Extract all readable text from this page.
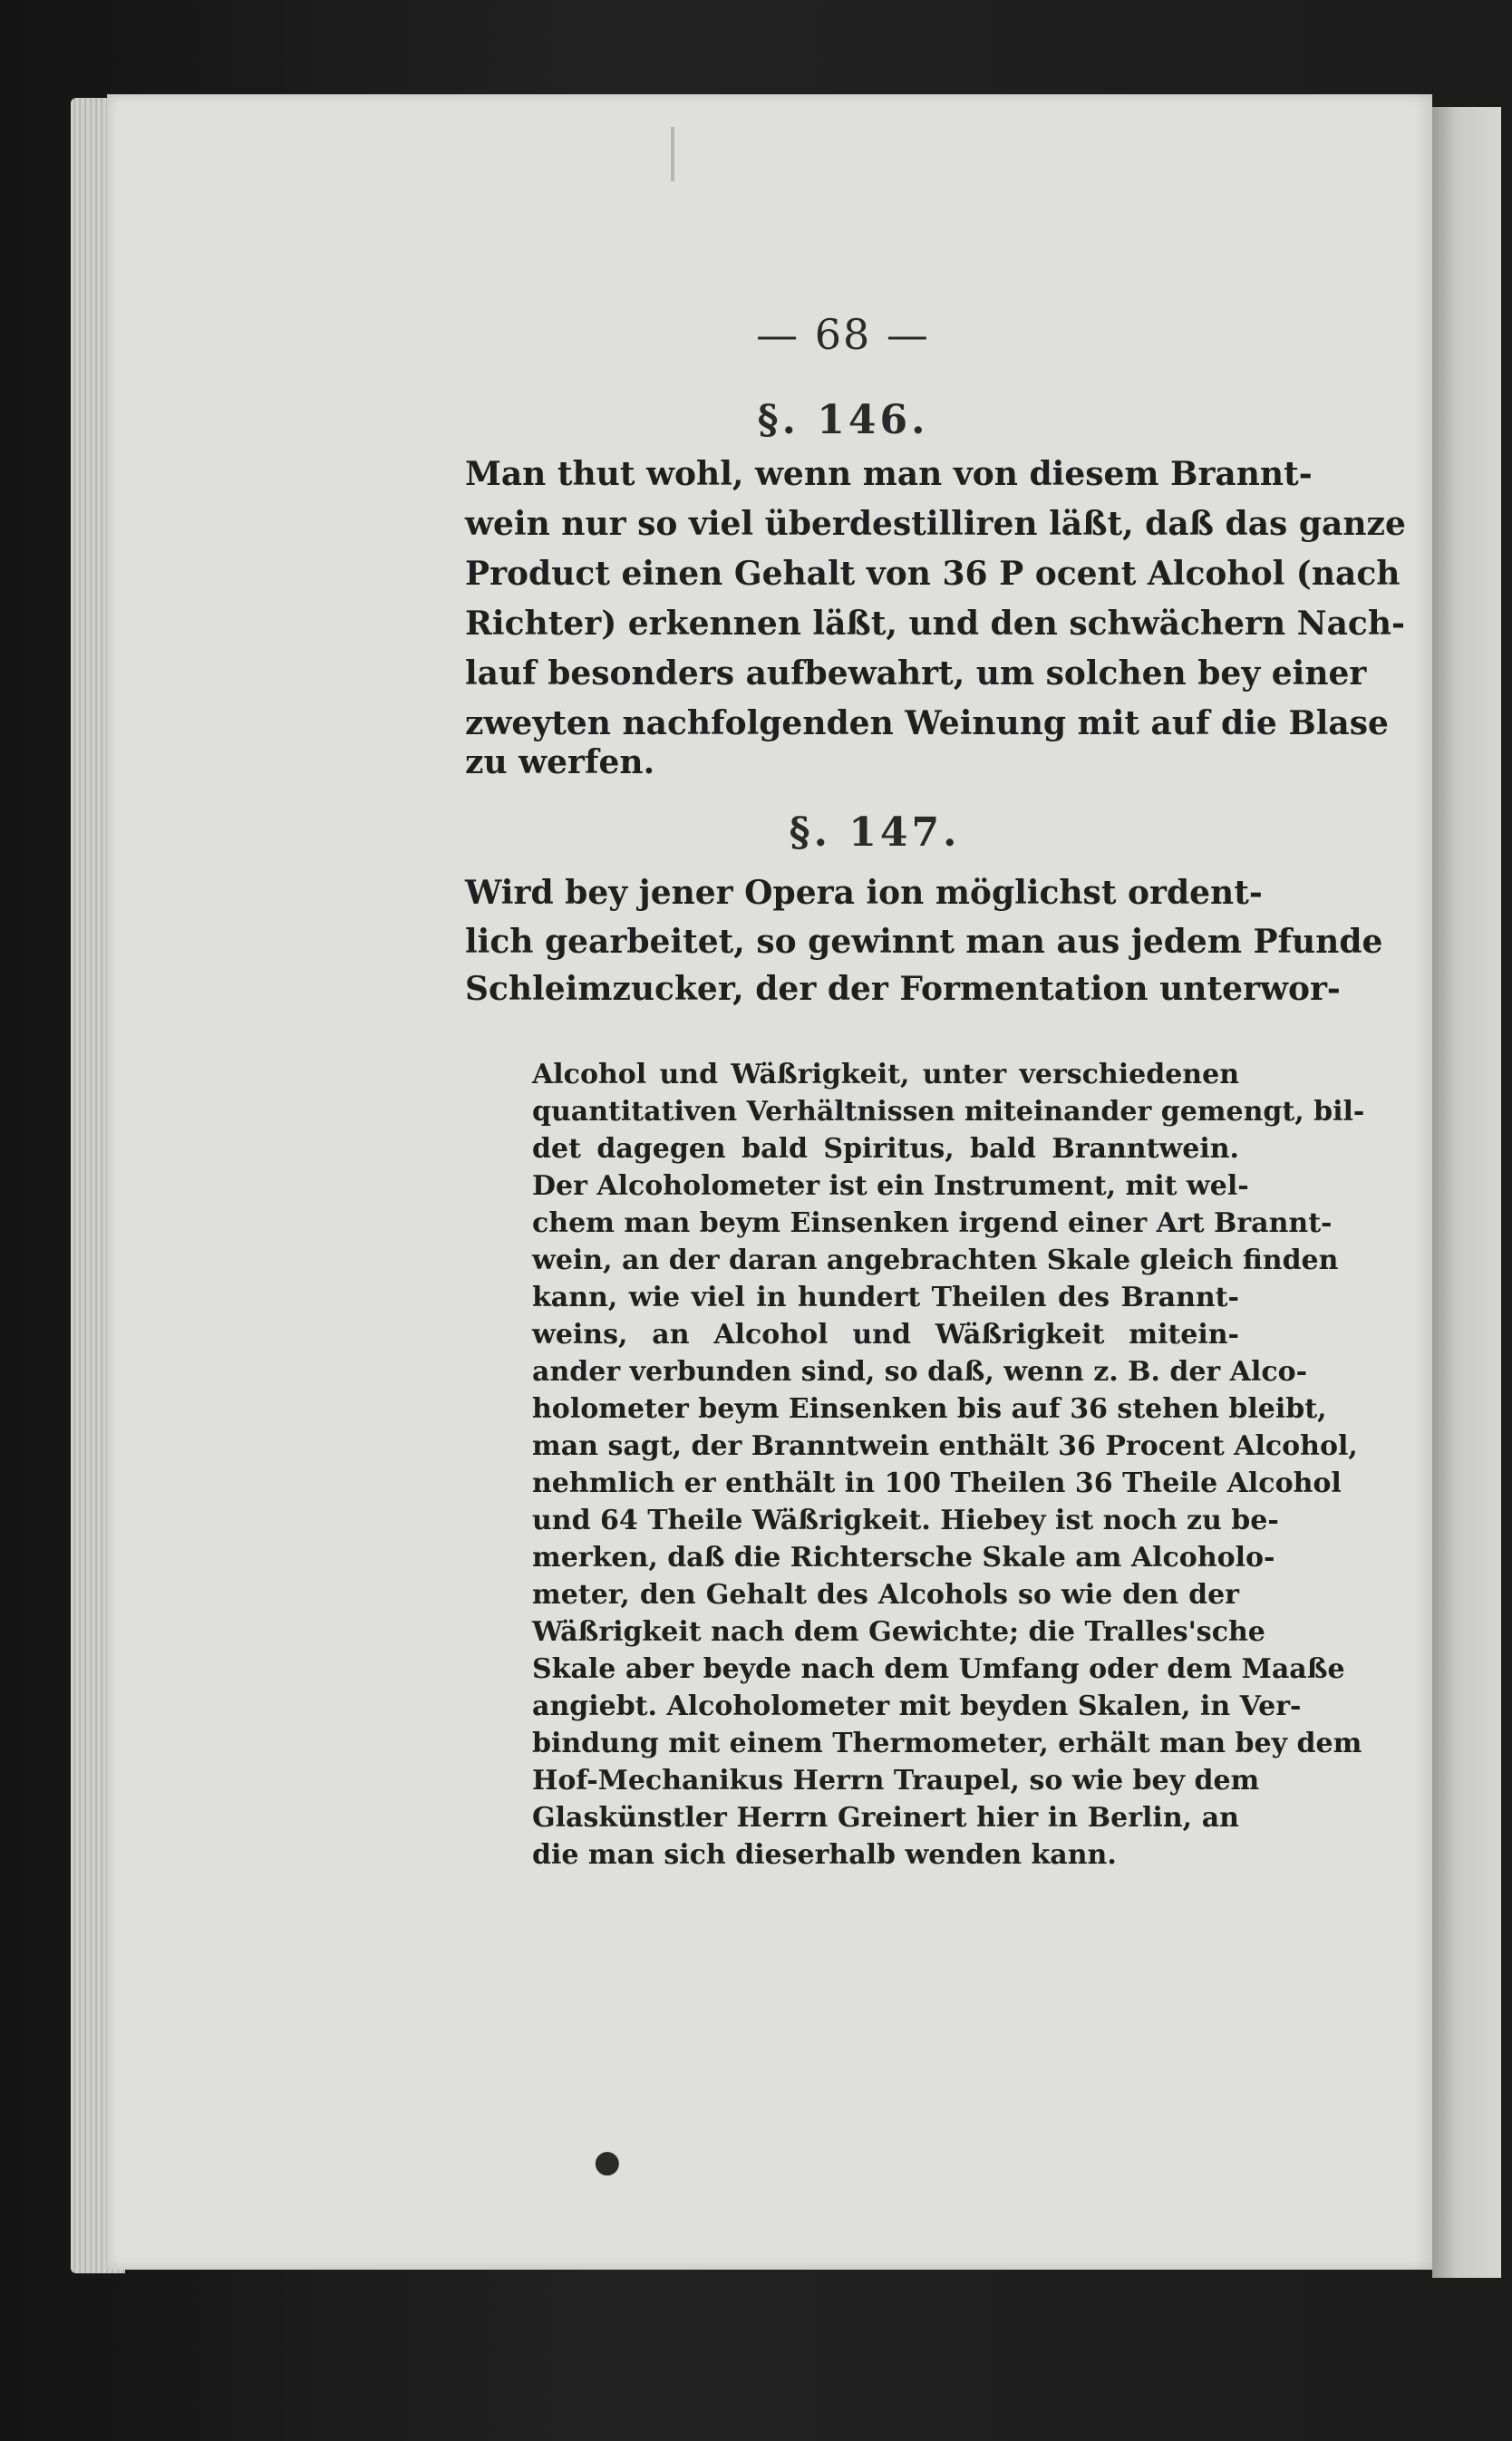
— 68 —
§. 146.
Man thut wohl, wenn man von diesem Brannt-
wein nur so viel überdestilliren läßt, daß das ganze
Product einen Gehalt von 36 P ocent Alcohol (nach
Richter) erkennen läßt, und den schwächern Nach-
lauf besonders aufbewahrt, um solchen bey einer
zweyten nachfolgenden Weinung mit auf die Blase
zu werfen.
§. 147.
Wird bey jener Opera ion möglichst ordent-
lich gearbeitet, so gewinnt man aus jedem Pfunde
Schleimzucker, der der Formentation unterwor-
Alcohol und Wäßrigkeit, unter verschiedenen
quantitativen Verhältnissen miteinander gemengt, bil-
det dagegen bald Spiritus, bald Branntwein.
Der Alcoholometer ist ein Instrument, mit wel-
chem man beym Einsenken irgend einer Art Brannt-
wein, an der daran angebrachten Skale gleich finden
kann, wie viel in hundert Theilen des Brannt-
weins, an Alcohol und Wäßrigkeit mitein-
ander verbunden sind, so daß, wenn z. B. der Alco-
holometer beym Einsenken bis auf 36 stehen bleibt,
man sagt, der Branntwein enthält 36 Procent Alcohol,
nehmlich er enthält in 100 Theilen 36 Theile Alcohol
und 64 Theile Wäßrigkeit. Hiebey ist noch zu be-
merken, daß die Richtersche Skale am Alcoholo-
meter, den Gehalt des Alcohols so wie den der
Wäßrigkeit nach dem Gewichte; die Tralles'sche
Skale aber beyde nach dem Umfang oder dem Maaße
angiebt. Alcoholometer mit beyden Skalen, in Ver-
bindung mit einem Thermometer, erhält man bey dem
Hof-Mechanikus Herrn Traupel, so wie bey dem
Glaskünstler Herrn Greinert hier in Berlin, an
die man sich dieserhalb wenden kann.
●
